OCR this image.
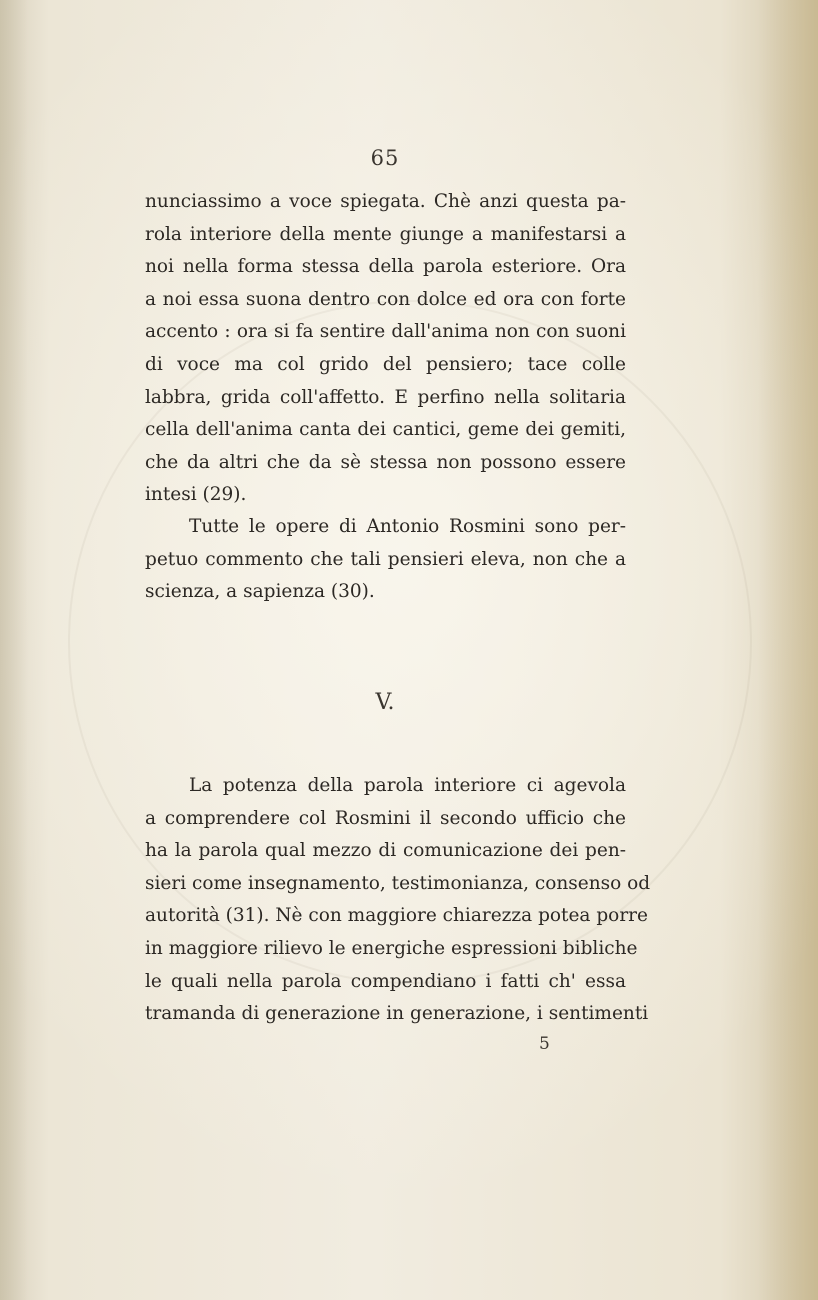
65
nunciassimo a voce spiegata. Chè anzi questa pa-
rola interiore della mente giunge a manifestarsi a
noi nella forma stessa della parola esteriore. Ora
a noi essa suona dentro con dolce ed ora con forte
accento : ora si fa sentire dall'anima non con suoni
di voce ma col grido del pensiero; tace colle
labbra, grida coll'affetto. E perfino nella solitaria
cella dell'anima canta dei cantici, geme dei gemiti,
che da altri che da sè stessa non possono essere
intesi (29).
Tutte le opere di Antonio Rosmini sono per-
petuo commento che tali pensieri eleva, non che a
scienza, a sapienza (30).
V.
La potenza della parola interiore ci agevola
a comprendere col Rosmini il secondo ufficio che
ha la parola qual mezzo di comunicazione dei pen-
sieri come insegnamento, testimonianza, consenso od
autorità (31). Nè con maggiore chiarezza potea porre
in maggiore rilievo le energiche espressioni bibliche
le quali nella parola compendiano i fatti ch' essa
tramanda di generazione in generazione, i sentimenti
5
